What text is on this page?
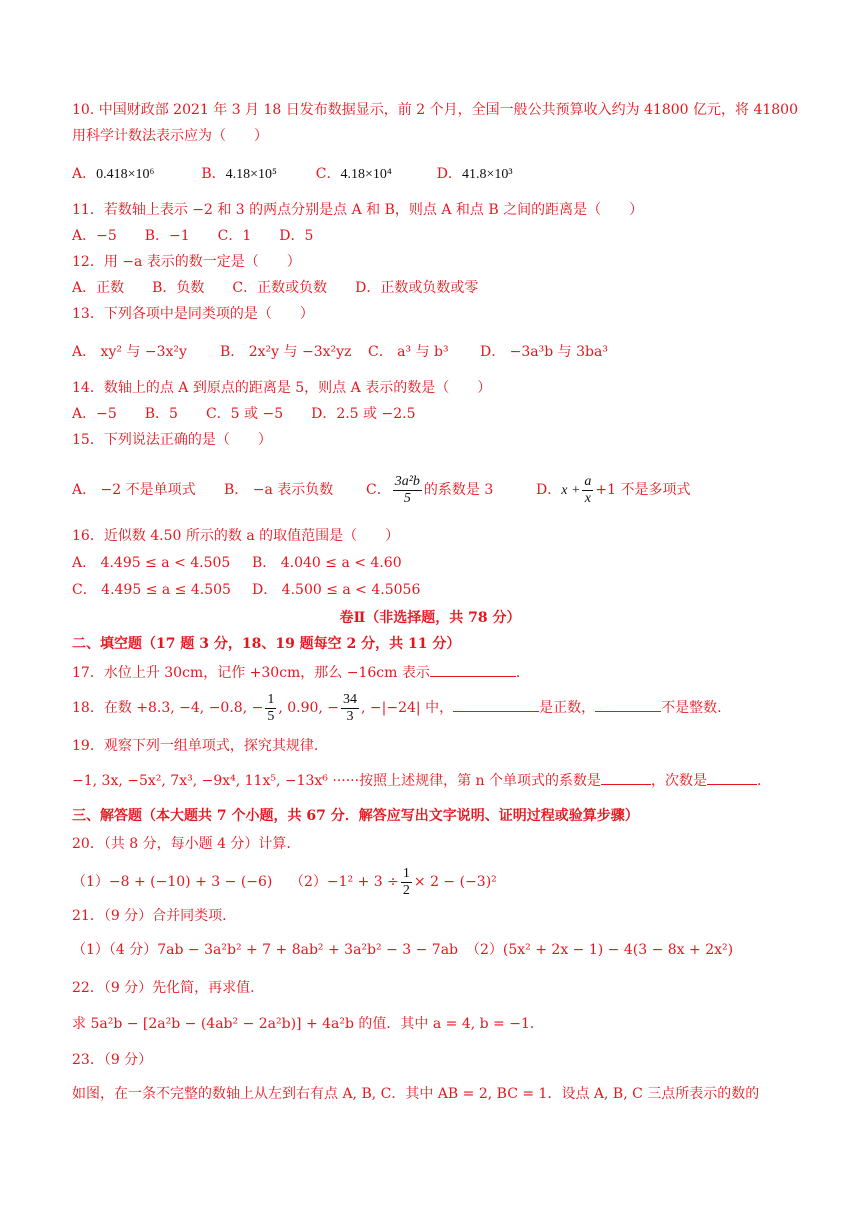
10. 中国财政部 2021 年 3 月 18 日发布数据显示，前 2 个月，全国一般公共预算收入约为 41800 亿元，将 41800
用科学计数法表示应为（　　）
A．0.418×10⁶	B．4.18×10⁵	C．4.18×10⁴	D．41.8×10³
11．若数轴上表示 −2 和 3 的两点分别是点 A 和 B，则点 A 和点 B 之间的距离是（　　）
A．−5　　B．−1　　C．1　　D．5
12．用 −a 表示的数一定是（　　）
A．正数　　B．负数　　C．正数或负数　　D．正数或负数或零
13．下列各项中是同类项的是（　　）
A． xy² 与 −3x²y B． 2x²y 与 −3x²yz C． a³ 与 b³ D． −3a³b 与 3ba³
14．数轴上的点 A 到原点的距离是 5，则点 A 表示的数是（　　）
A．−5　　B．5　　C．5 或 −5　　D．2.5 或 −2.5
15．下列说法正确的是（　　）
A． −2 不是单项式 B． −a 表示负数 C． $\frac{\text{3a²b}}{5}$ 的系数是 3	D．$x + \frac{a}{x} +1$ 不是多项式
16．近似数 4.50 所示的数 a 的取值范围是（　　）
A． 4.495 ≤ a < 4.505 B． 4.040 ≤ a < 4.60
C． 4.495 ≤ a ≤ 4.505 D． 4.500 ≤ a < 4.5056
卷Ⅱ（非选择题，共 78 分）
二、填空题（17 题 3 分，18、19 题每空 2 分，共 11 分）
17．水位上升 30cm，记作 +30cm，那么 −16cm 表示	.
18．在数 +8.3, −4, −0.8, − $\frac{1}{5}$ , 0.90, − $\frac{34}{3}$ , −|−24| 中，	是正数，	不是整数.
19．观察下列一组单项式，探究其规律.
−1, 3x, −5x², 7x³, −9x⁴, 11x⁵, −13x⁶ ······按照上述规律，第 n 个单项式的系数是	，次数是	.
三、解答题（本大题共 7 个小题，共 67 分．解答应写出文字说明、证明过程或验算步骤）
20．（共 8 分，每小题 4 分）计算.
（1）−8 + (−10) + 3 − (−6) $(2)-1^2 + 3 \div \frac{1}{2} \times 2 - (-3)^2$
21．（9 分）合并同类项.
（1）（4 分）7ab − 3a²b² + 7 + 8ab² + 3a²b² − 3 − 7ab （2）(5x² + 2x − 1) − 4(3 − 8x + 2x²)
22．（9 分）先化简，再求值.
求 5a²b − [2a²b − (4ab² − 2a²b)] + 4a²b 的值．其中 a = 4, b = −1．
23．（9 分）
如图，在一条不完整的数轴上从左到右有点 A, B, C．其中 AB = 2, BC = 1．设点 A, B, C 三点所表示的数的
